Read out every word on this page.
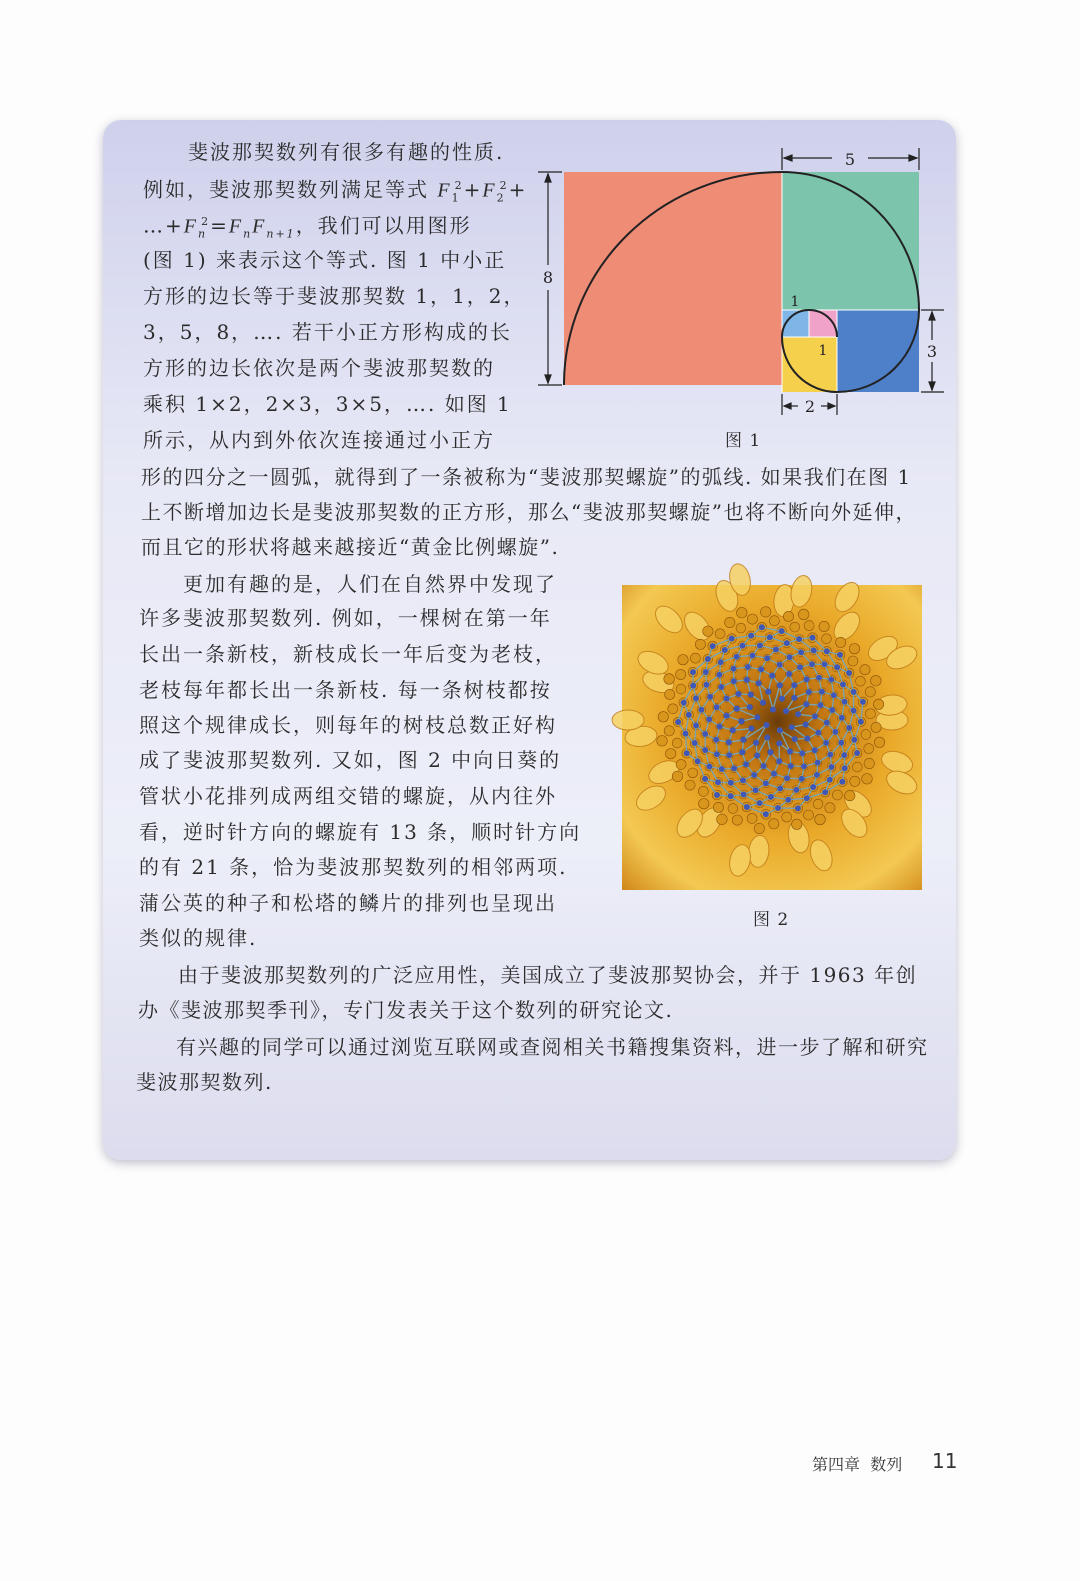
斐波那契数列有很多有趣的性质.
例如，斐波那契数列满足等式 $F_1^2+F_2^2+$
$\dots+F_n^2=F_nF_{n+1}$，我们可以用图形
(图 1) 来表示这个等式. 图 1 中小正
方形的边长等于斐波那契数 1，1，2，
3，5，8，…. 若干小正方形构成的长
方形的边长依次是两个斐波那契数的
乘积 1×2，2×3，3×5，…. 如图 1
所示，从内到外依次连接通过小正方
形的四分之一圆弧，就得到了一条被称为“斐波那契螺旋”的弧线. 如果我们在图 1 上不断增加边长是斐波那契数的正方形，那么“斐波那契螺旋”也将不断向外延伸，而且它的形状将越来越接近“黄金比例螺旋”.
5
8
3
2
1
1
图 1
更加有趣的是，人们在自然界中发现了
许多斐波那契数列. 例如，一棵树在第一年
长出一条新枝，新枝成长一年后变为老枝，
老枝每年都长出一条新枝. 每一条树枝都按
照这个规律成长，则每年的树枝总数正好构
成了斐波那契数列. 又如，图 2 中向日葵的
管状小花排列成两组交错的螺旋，从内往外
看，逆时针方向的螺旋有 13 条，顺时针方向
的有 21 条，恰为斐波那契数列的相邻两项.
蒲公英的种子和松塔的鳞片的排列也呈现出
类似的规律.
图 2
由于斐波那契数列的广泛应用性，美国成立了斐波那契协会，并于 1963 年创办《斐波那契季刊》，专门发表关于这个数列的研究论文.
有兴趣的同学可以通过浏览互联网或查阅相关书籍搜集资料，进一步了解和研究斐波那契数列.
第四章 数列 11
